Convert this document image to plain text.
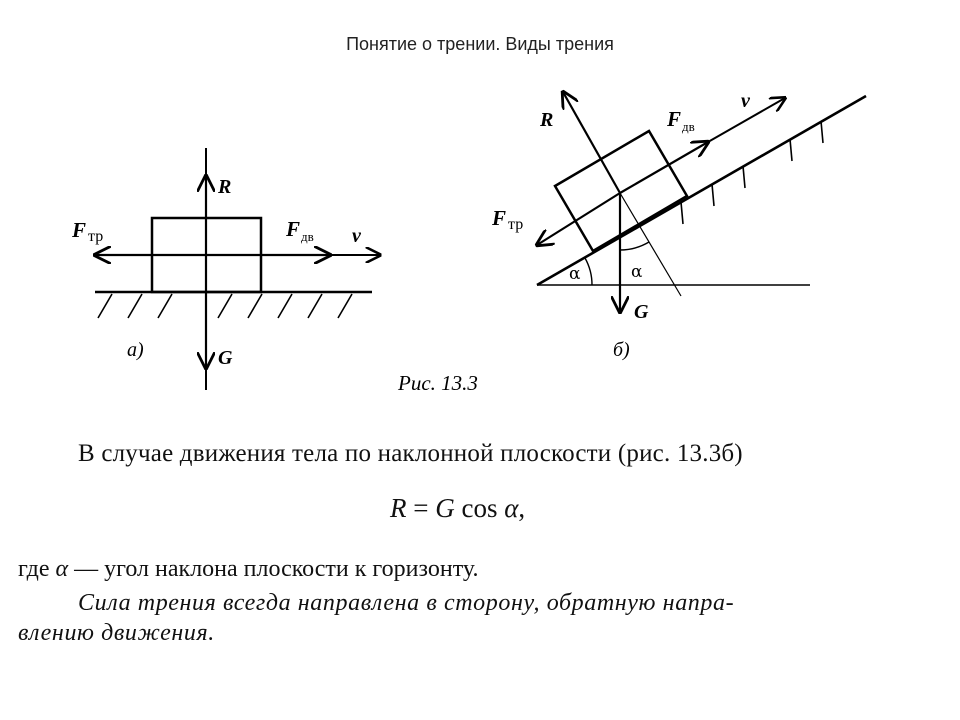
Понятие о трении. Виды трения
R
G
F тр	$F_{дв}$ v
а)
R
G
F тр
$F_{дв}$
v
α	α
б)
Рис. 13.3
В случае движения тела по наклонной плоскости (рис. 13.3б)
R = G cos α,
где α — угол наклона плоскости к горизонту.
Сила трения всегда направлена в сторону, обратную напра-
влению движения.
